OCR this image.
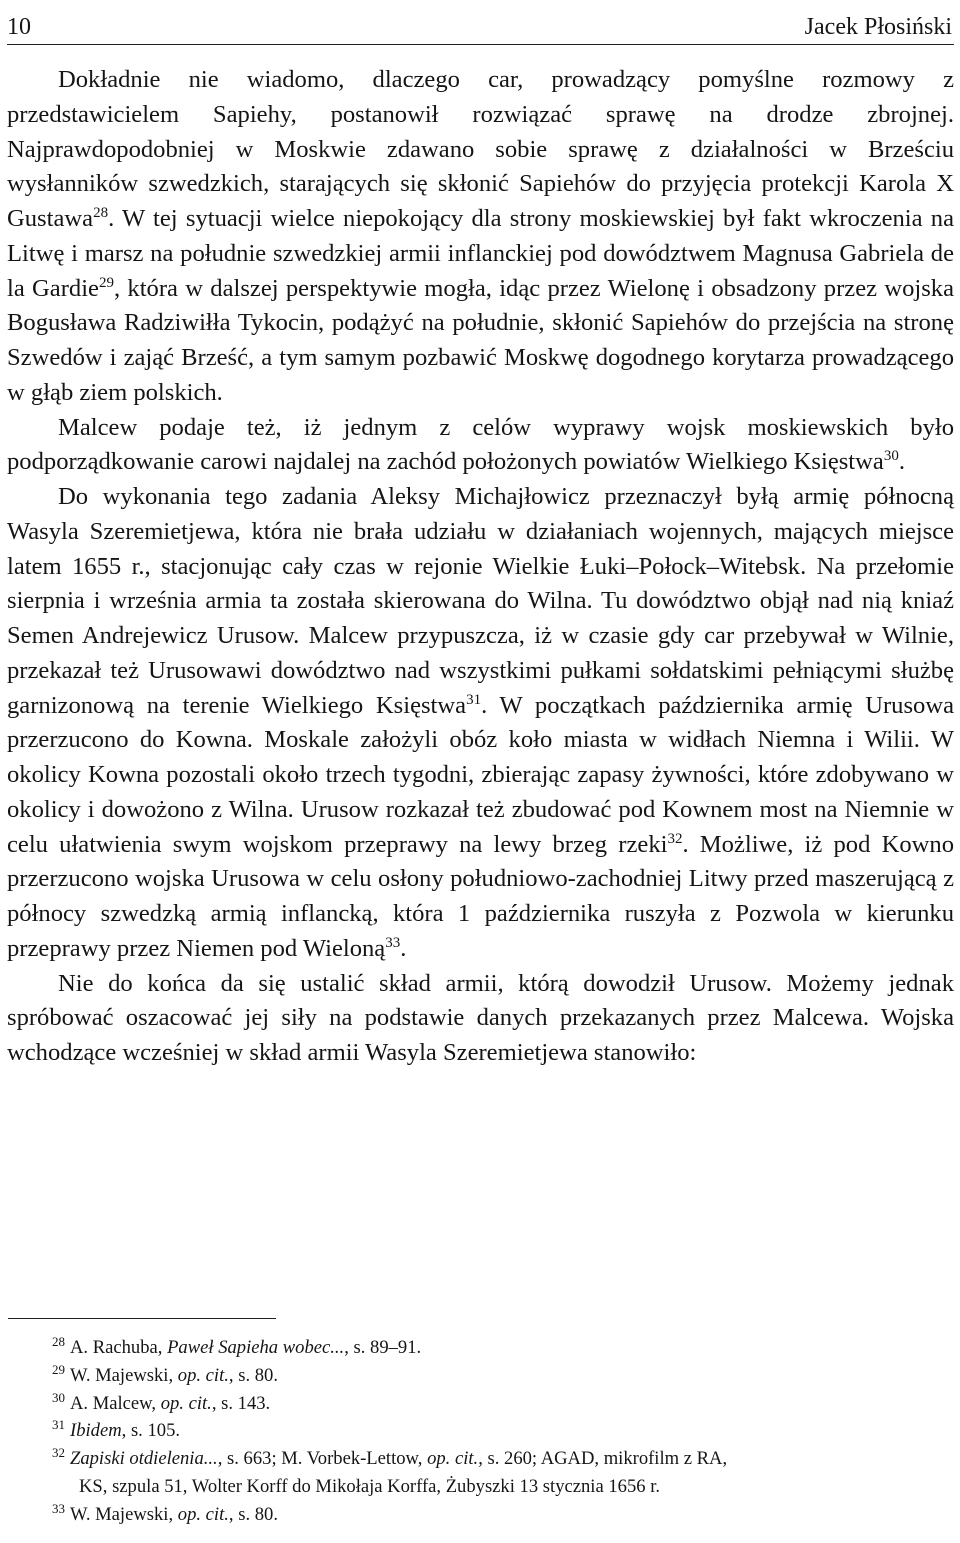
10	Jacek Płosiński

Dokładnie nie wiadomo, dlaczego car, prowadzący pomyślne rozmowy z przedstawicielem Sapiehy, postanowił rozwiązać sprawę na drodze zbrojnej. Najprawdopodobniej w Moskwie zdawano sobie sprawę z działalności w Brześciu wysłanników szwedzkich, starających się skłonić Sapiehów do przyjęcia protekcji Karola X Gustawa$^{28}$. W tej sytuacji wielce niepokojący dla strony moskiewskiej był fakt wkroczenia na Litwę i marsz na południe szwedzkiej armii inflanckiej pod dowództwem Magnusa Gabriela de la Gardie$^{29}$, która w dalszej perspektywie mogła, idąc przez Wielonę i obsadzony przez wojska Bogusława Radziwiłła Tykocin, podążyć na południe, skłonić Sapiehów do przejścia na stronę Szwedów i zająć Brześć, a tym samym pozbawić Moskwę dogodnego korytarza prowadzącego w głąb ziem polskich.

Malcew podaje też, iż jednym z celów wyprawy wojsk moskiewskich było podporządkowanie carowi najdalej na zachód położonych powiatów Wielkiego Księstwa$^{30}$.

Do wykonania tego zadania Aleksy Michajłowicz przeznaczył byłą armię północną Wasyla Szeremietjewa, która nie brała udziału w działaniach wojennych, mających miejsce latem 1655 r., stacjonując cały czas w rejonie Wielkie Łuki–Połock–Witebsk. Na przełomie sierpnia i września armia ta została skierowana do Wilna. Tu dowództwo objął nad nią kniaź Semen Andrejewicz Urusow. Malcew przypuszcza, iż w czasie gdy car przebywał w Wilnie, przekazał też Urusowawi dowództwo nad wszystkimi pułkami sołdatskimi pełniącymi służbę garnizonową na terenie Wielkiego Księstwa$^{31}$. W początkach października armię Urusowa przerzucono do Kowna. Moskale założyli obóz koło miasta w widłach Niemna i Wilii. W okolicy Kowna pozostali około trzech tygodni, zbierając zapasy żywności, które zdobywano w okolicy i dowożono z Wilna. Urusow rozkazał też zbudować pod Kownem most na Niemnie w celu ułatwienia swym wojskom przeprawy na lewy brzeg rzeki$^{32}$. Możliwe, iż pod Kowno przerzucono wojska Urusowa w celu osłony południowo-zachodniej Litwy przed maszerującą z północy szwedzką armią inflancką, która 1 października ruszyła z Pozwola w kierunku przeprawy przez Niemen pod Wieloną$^{33}$.

Nie do końca da się ustalić skład armii, którą dowodził Urusow. Możemy jednak spróbować oszacować jej siły na podstawie danych przekazanych przez Malcewa. Wojska wchodzące wcześniej w skład armii Wasyla Szeremietjewa stanowiło:

$^{28}$ A. Rachuba, Paweł Sapieha wobec..., s. 89–91.
$^{29}$ W. Majewski, op. cit., s. 80.
$^{30}$ A. Malcew, op. cit., s. 143.
$^{31}$ Ibidem, s. 105.
$^{32}$ Zapiski otdielenia..., s. 663; M. Vorbek-Lettow, op. cit., s. 260; AGAD, mikrofilm z RA,
KS, szpula 51, Wolter Korff do Mikołaja Korffa, Żubyszki 13 stycznia 1656 r.
$^{33}$ W. Majewski, op. cit., s. 80.
